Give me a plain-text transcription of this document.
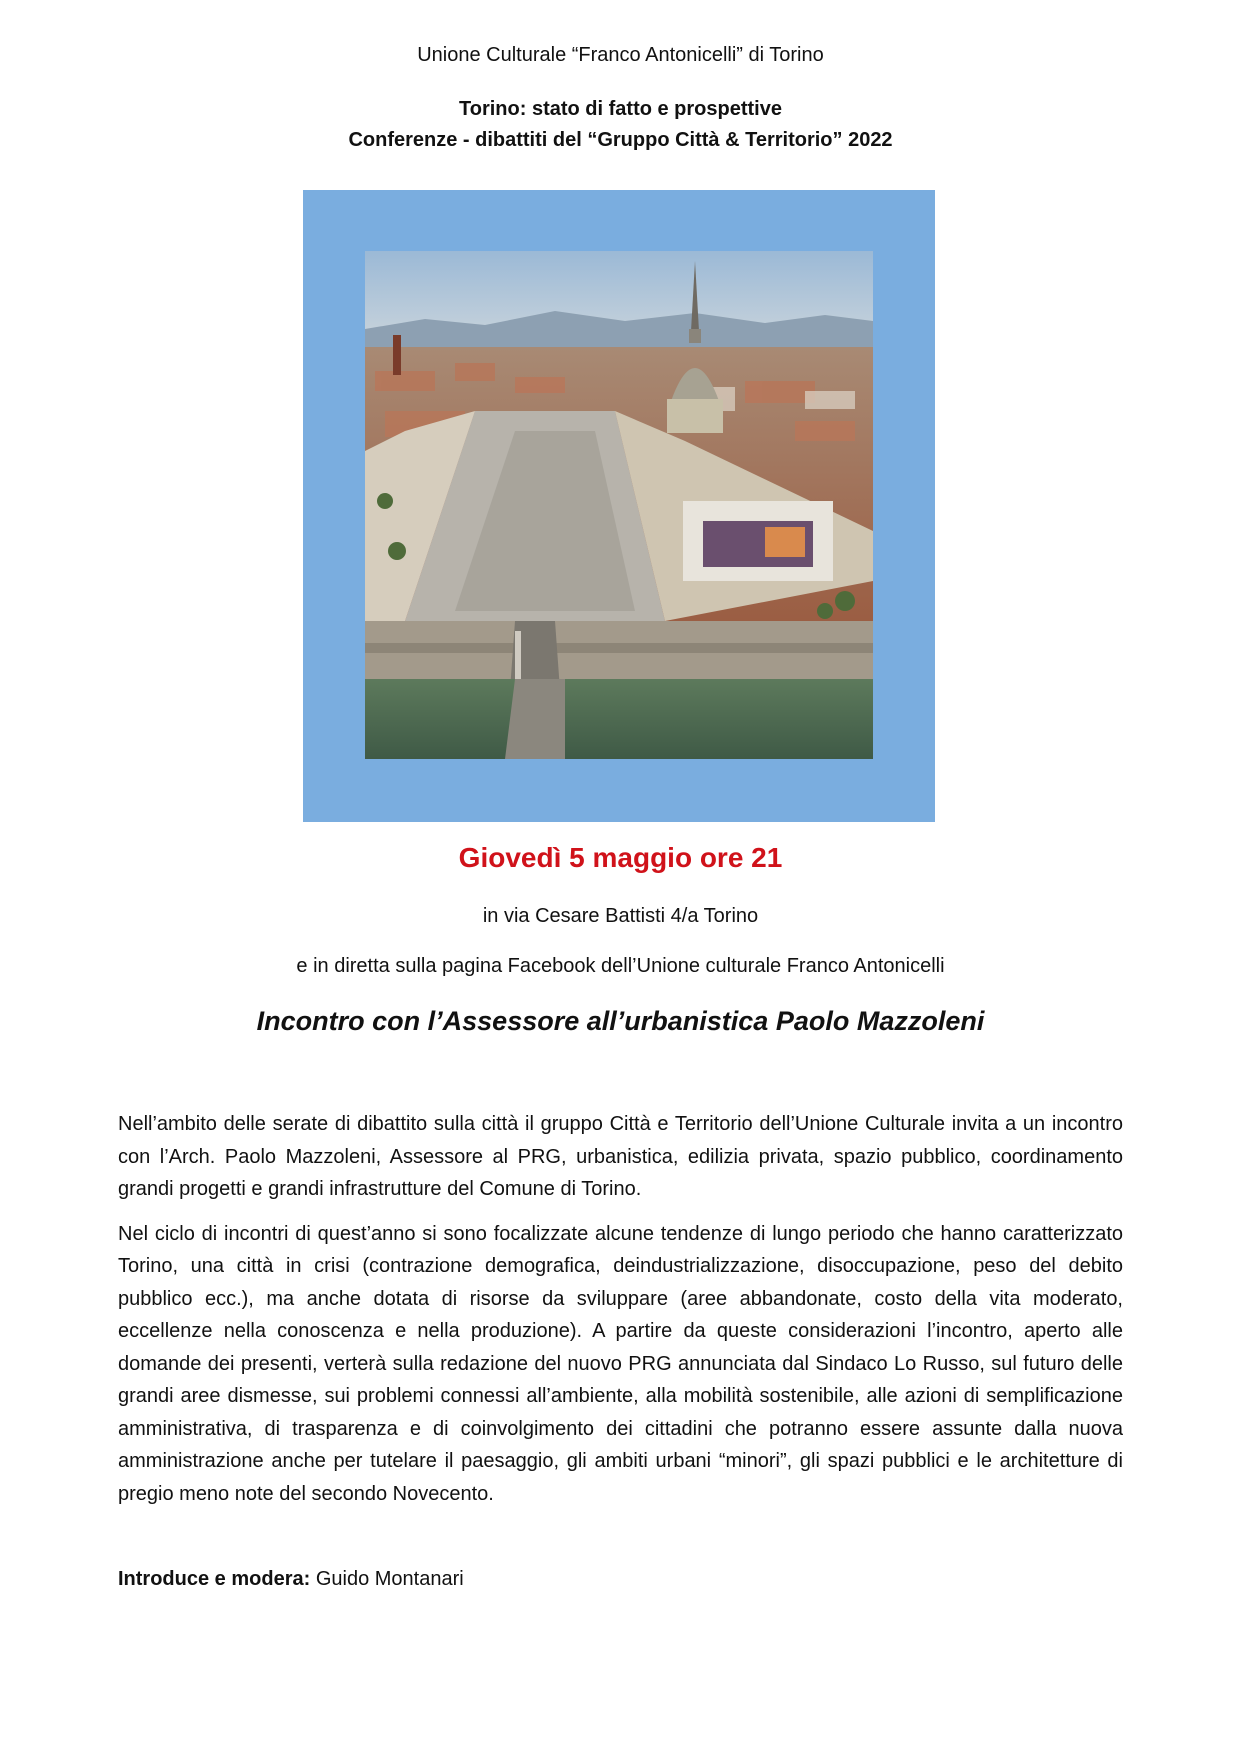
Unione Culturale “Franco Antonicelli” di Torino
Torino: stato di fatto e prospettive
Conferenze - dibattiti del “Gruppo Città & Territorio” 2022
Giovedì 5 maggio ore 21
in via Cesare Battisti 4/a Torino
e in diretta sulla pagina Facebook dell’Unione culturale Franco Antonicelli
Incontro con l’Assessore all’urbanistica Paolo Mazzoleni

Nell’ambito delle serate di dibattito sulla città il gruppo Città e Territorio dell’Unione Culturale invita a un incontro con l’Arch. Paolo Mazzoleni, Assessore al PRG, urbanistica, edilizia privata, spazio pubblico, coordinamento grandi progetti e grandi infrastrutture del Comune di Torino.

Nel ciclo di incontri di quest’anno si sono focalizzate alcune tendenze di lungo periodo che hanno caratterizzato Torino, una città in crisi (contrazione demografica, deindustrializzazione, disoccupazione, peso del debito pubblico ecc.), ma anche dotata di risorse da sviluppare (aree abbandonate, costo della vita moderato, eccellenze nella conoscenza e nella produzione). A partire da queste considerazioni l’incontro, aperto alle domande dei presenti, verterà sulla redazione del nuovo PRG annunciata dal Sindaco Lo Russo, sul futuro delle grandi aree dismesse, sui problemi connessi all’ambiente, alla mobilità sostenibile, alle azioni di semplificazione amministrativa, di trasparenza e di coinvolgimento dei cittadini che potranno essere assunte dalla nuova amministrazione anche per tutelare il paesaggio, gli ambiti urbani “minori”, gli spazi pubblici e le architetture di pregio meno note del secondo Novecento.

Introduce e modera: Guido Montanari
